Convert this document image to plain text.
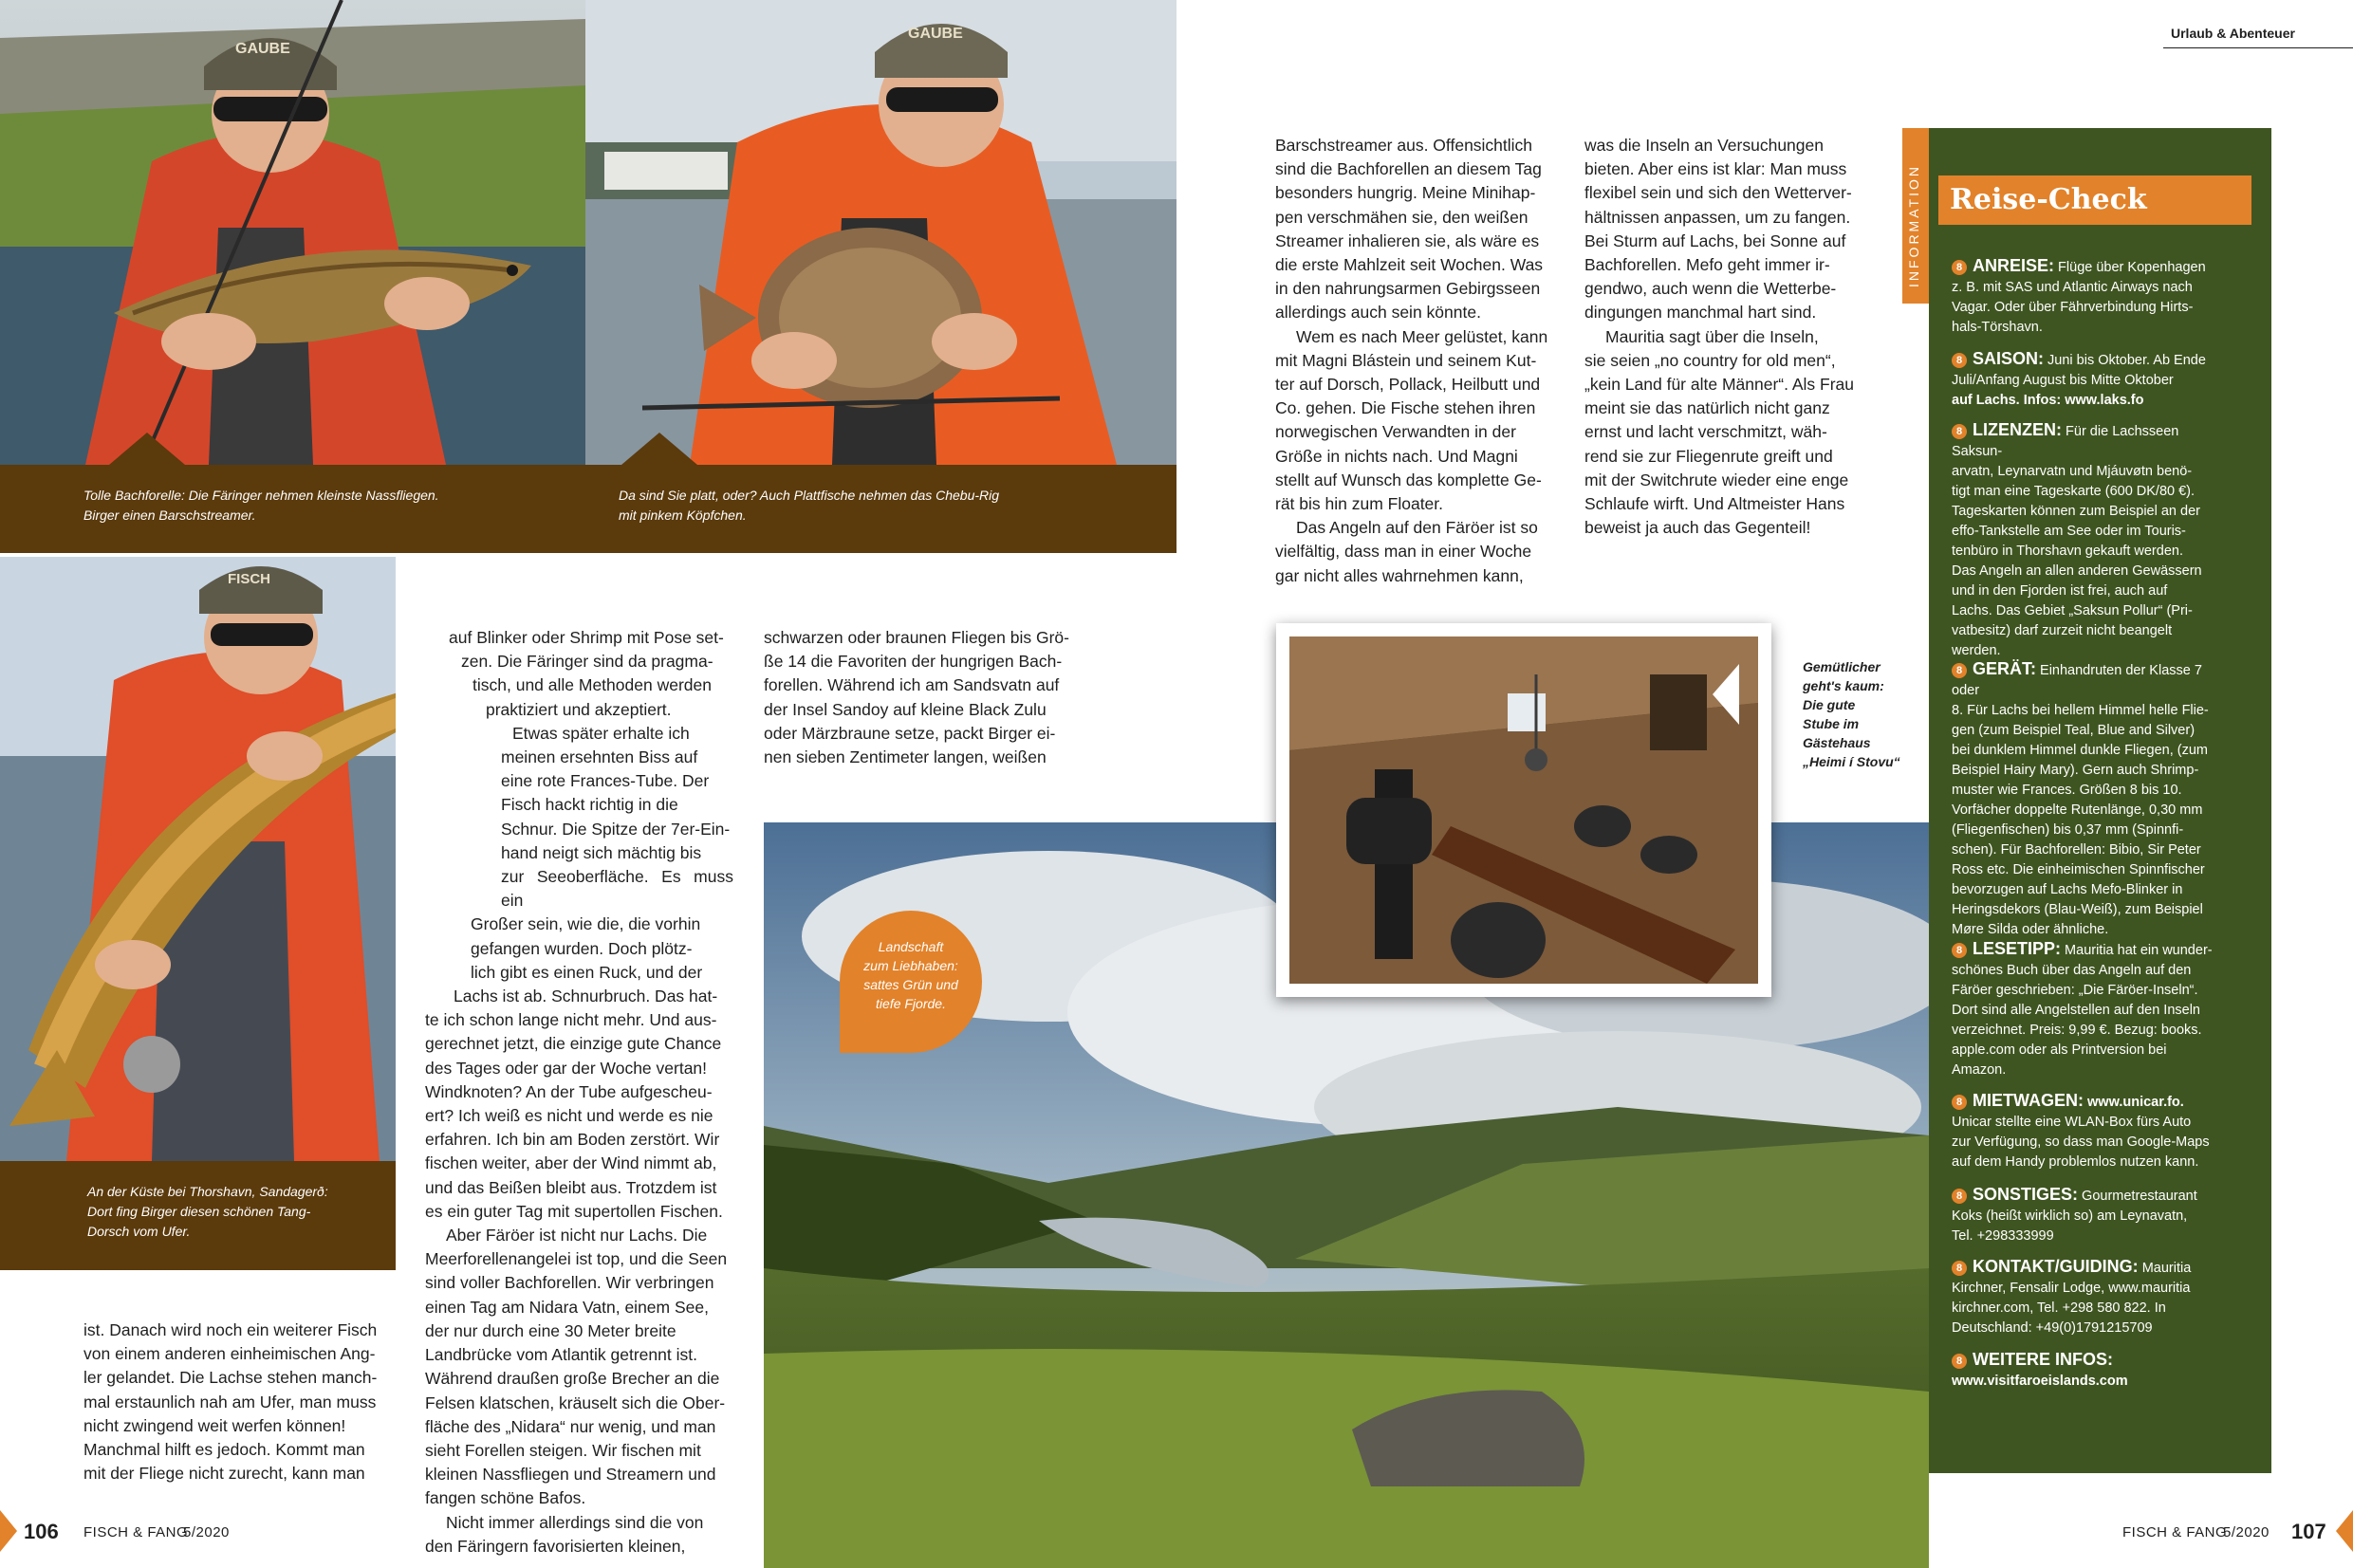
GAUBE
Tolle Bachforelle: Die Färinger nehmen kleinste Nassfliegen.
Birger einen Barschstreamer.
GAUBE
Da sind Sie platt, oder? Auch Plattfische nehmen das Chebu-Rig
mit pinkem Köpfchen.
FISCH
An der Küste bei Thorshavn, Sandagerð:
Dort fing Birger diesen schönen Tang-
Dorsch vom Ufer.

ist. Danach wird noch ein weiterer Fisch

von einem anderen einheimischen Ang-

ler gelandet. Die Lachse stehen manch-

mal erstaunlich nah am Ufer, man muss

nicht zwingend weit werfen können!

Manchmal hilft es jedoch. Kommt man

mit der Fliege nicht zurecht, kann man

auf Blinker oder Shrimp mit Pose set-

zen. Die Färinger sind da pragma-

tisch, und alle Methoden werden

praktiziert und akzeptiert.

Etwas später erhalte ich

meinen ersehnten Biss auf

eine rote Frances-Tube. Der

Fisch hackt richtig in die

Schnur. Die Spitze der 7er-Ein-

hand neigt sich mächtig bis

zur Seeoberfläche. Es muss ein

Großer sein, wie die, die vorhin

gefangen wurden. Doch plötz-

lich gibt es einen Ruck, und der

Lachs ist ab. Schnurbruch. Das hat-

te ich schon lange nicht mehr. Und aus-

gerechnet jetzt, die einzige gute Chance

des Tages oder gar der Woche vertan!

Windknoten? An der Tube aufgescheu-

ert? Ich weiß es nicht und werde es nie

erfahren. Ich bin am Boden zerstört. Wir

fischen weiter, aber der Wind nimmt ab,

und das Beißen bleibt aus. Trotzdem ist

es ein guter Tag mit supertollen Fischen.

Aber Färöer ist nicht nur Lachs. Die

Meerforellenangelei ist top, und die Seen

sind voller Bachforellen. Wir verbringen

einen Tag am Nidara Vatn, einem See,

der nur durch eine 30 Meter breite

Landbrücke vom Atlantik getrennt ist.

Während draußen große Brecher an die

Felsen klatschen, kräuselt sich die Ober-

fläche des „Nidara“ nur wenig, und man

sieht Forellen steigen. Wir fischen mit

kleinen Nassfliegen und Streamern und

fangen schöne Bafos.

Nicht immer allerdings sind die von

den Färingern favorisierten kleinen,

schwarzen oder braunen Fliegen bis Grö-

ße 14 die Favoriten der hungrigen Bach-

forellen. Während ich am Sandsvatn auf

der Insel Sandoy auf kleine Black Zulu

oder Märzbraune setze, packt Birger ei-

nen sieben Zentimeter langen, weißen

Landschaft
zum Liebhaben:
sattes Grün und
tiefe Fjorde.
106 FISCH & FANG
5/2020
Urlaub & Abenteuer

Barschstreamer aus. Offensichtlich

sind die Bachforellen an diesem Tag

besonders hungrig. Meine Minihap-

pen verschmähen sie, den weißen

Streamer inhalieren sie, als wäre es

die erste Mahlzeit seit Wochen. Was

in den nahrungsarmen Gebirgsseen

allerdings auch sein könnte.

Wem es nach Meer gelüstet, kann

mit Magni Blástein und seinem Kut-

ter auf Dorsch, Pollack, Heilbutt und

Co. gehen. Die Fische stehen ihren

norwegischen Verwandten in der

Größe in nichts nach. Und Magni

stellt auf Wunsch das komplette Ge-

rät bis hin zum Floater.

Das Angeln auf den Färöer ist so

vielfältig, dass man in einer Woche

gar nicht alles wahrnehmen kann,

was die Inseln an Versuchungen

bieten. Aber eins ist klar: Man muss

flexibel sein und sich den Wetterver-

hältnissen anpassen, um zu fangen.

Bei Sturm auf Lachs, bei Sonne auf

Bachforellen. Mefo geht immer ir-

gendwo, auch wenn die Wetterbe-

dingungen manchmal hart sind.

Mauritia sagt über die Inseln,

sie seien „no country for old men“,

„kein Land für alte Männer“. Als Frau

meint sie das natürlich nicht ganz

ernst und lacht verschmitzt, wäh-

rend sie zur Fliegenrute greift und

mit der Switchrute wieder eine enge

Schlaufe wirft. Und Altmeister Hans

beweist ja auch das Gegenteil!

Gemütlicher
geht's kaum:
Die gute
Stube im
Gästehaus
„Heimi í Stovu“
Reise-Check
8 ANREISE: Flüge über Kopenhagen
z. B. mit SAS und Atlantic Airways nach
Vagar. Oder über Fährverbindung Hirts-
hals-Törshavn.
8 SAISON: Juni bis Oktober. Ab Ende
Juli/Anfang August bis Mitte Oktober
auf Lachs. Infos: www.laks.fo
8 LIZENZEN: Für die Lachsseen Saksun-
arvatn, Leynarvatn und Mjáuvøtn benö-
tigt man eine Tageskarte (600 DK/80 €).
Tageskarten können zum Beispiel an der
effo-Tankstelle am See oder im Touris-
tenbüro in Thorshavn gekauft werden.
Das Angeln an allen anderen Gewässern
und in den Fjorden ist frei, auch auf
Lachs. Das Gebiet „Saksun Pollur“ (Pri-
vatbesitz) darf zurzeit nicht beangelt
werden.
8 GERÄT: Einhandruten der Klasse 7 oder
8. Für Lachs bei hellem Himmel helle Flie-
gen (zum Beispiel Teal, Blue and Silver)
bei dunklem Himmel dunkle Fliegen, (zum
Beispiel Hairy Mary). Gern auch Shrimp-
muster wie Frances. Größen 8 bis 10.
Vorfächer doppelte Rutenlänge, 0,30 mm
(Fliegenfischen) bis 0,37 mm (Spinnfi-
schen). Für Bachforellen: Bibio, Sir Peter
Ross etc. Die einheimischen Spinnfischer
bevorzugen auf Lachs Mefo-Blinker in
Heringsdekors (Blau-Weiß), zum Beispiel
Møre Silda oder ähnliche.
8 LESETIPP: Mauritia hat ein wunder-
schönes Buch über das Angeln auf den
Färöer geschrieben: „Die Färöer-Inseln“.
Dort sind alle Angelstellen auf den Inseln
verzeichnet. Preis: 9,99 €. Bezug: books.
apple.com oder als Printversion bei
Amazon.
8 MIETWAGEN: www.unicar.fo.
Unicar stellte eine WLAN-Box fürs Auto
zur Verfügung, so dass man Google-Maps
auf dem Handy problemlos nutzen kann.
8 SONSTIGES: Gourmetrestaurant
Koks (heißt wirklich so) am Leynavatn,
Tel. +298333999
8 KONTAKT/GUIDING: Mauritia
Kirchner, Fensalir Lodge, www.mauritia
kirchner.com, Tel. +298 580 822. In
Deutschland: +49(0)1791215709
8 WEITERE INFOS:
www.visitfaroeislands.com
INFORMATION
FISCH & FANG
5/2020 107
